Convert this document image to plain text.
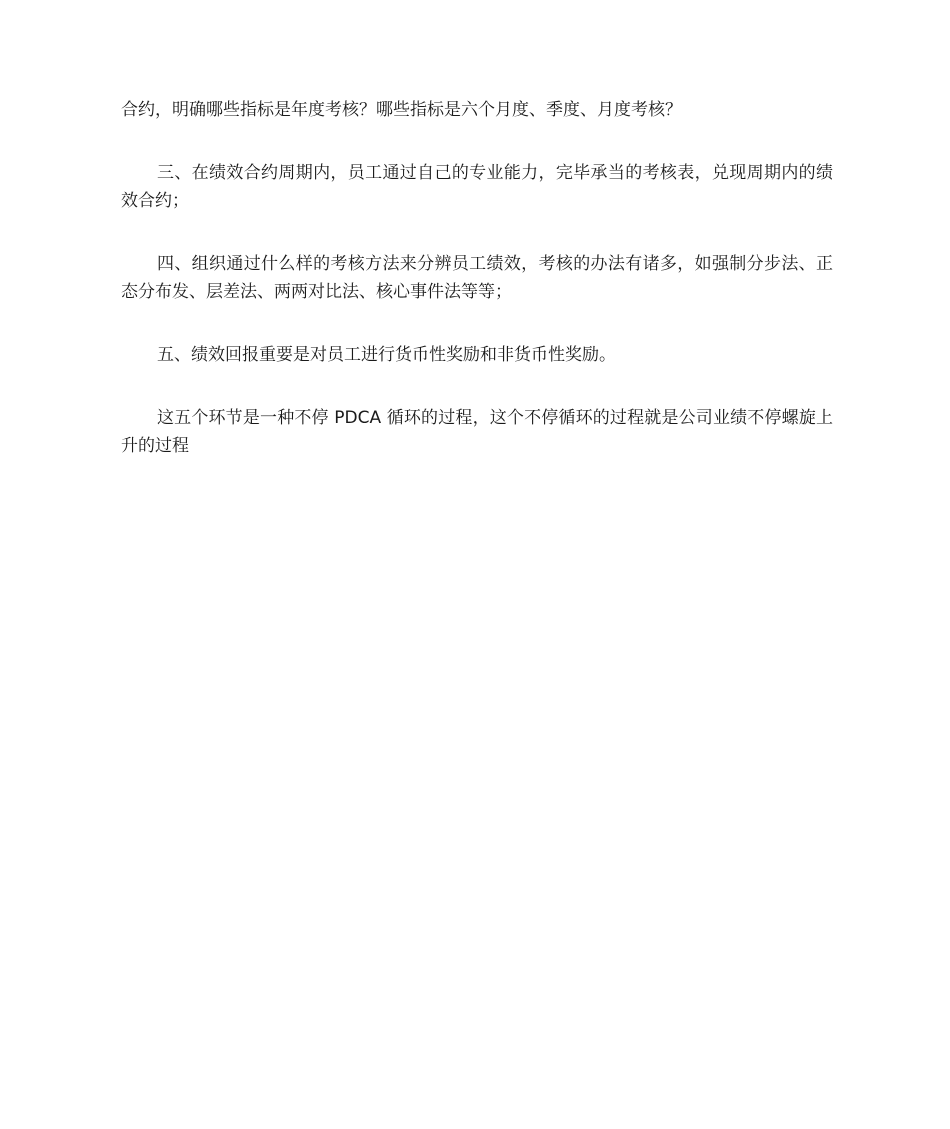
合约，明确哪些指标是年度考核？哪些指标是六个月度、季度、月度考核？

三、在绩效合约周期内，员工通过自己的专业能力，完毕承当的考核表，兑现周期内的绩效合约；

四、组织通过什么样的考核方法来分辨员工绩效，考核的办法有诸多，如强制分步法、正态分布发、层差法、两两对比法、核心事件法等等；

五、绩效回报重要是对员工进行货币性奖励和非货币性奖励。

这五个环节是一种不停 PDCA 循环的过程，这个不停循环的过程就是公司业绩不停螺旋上升的过程
